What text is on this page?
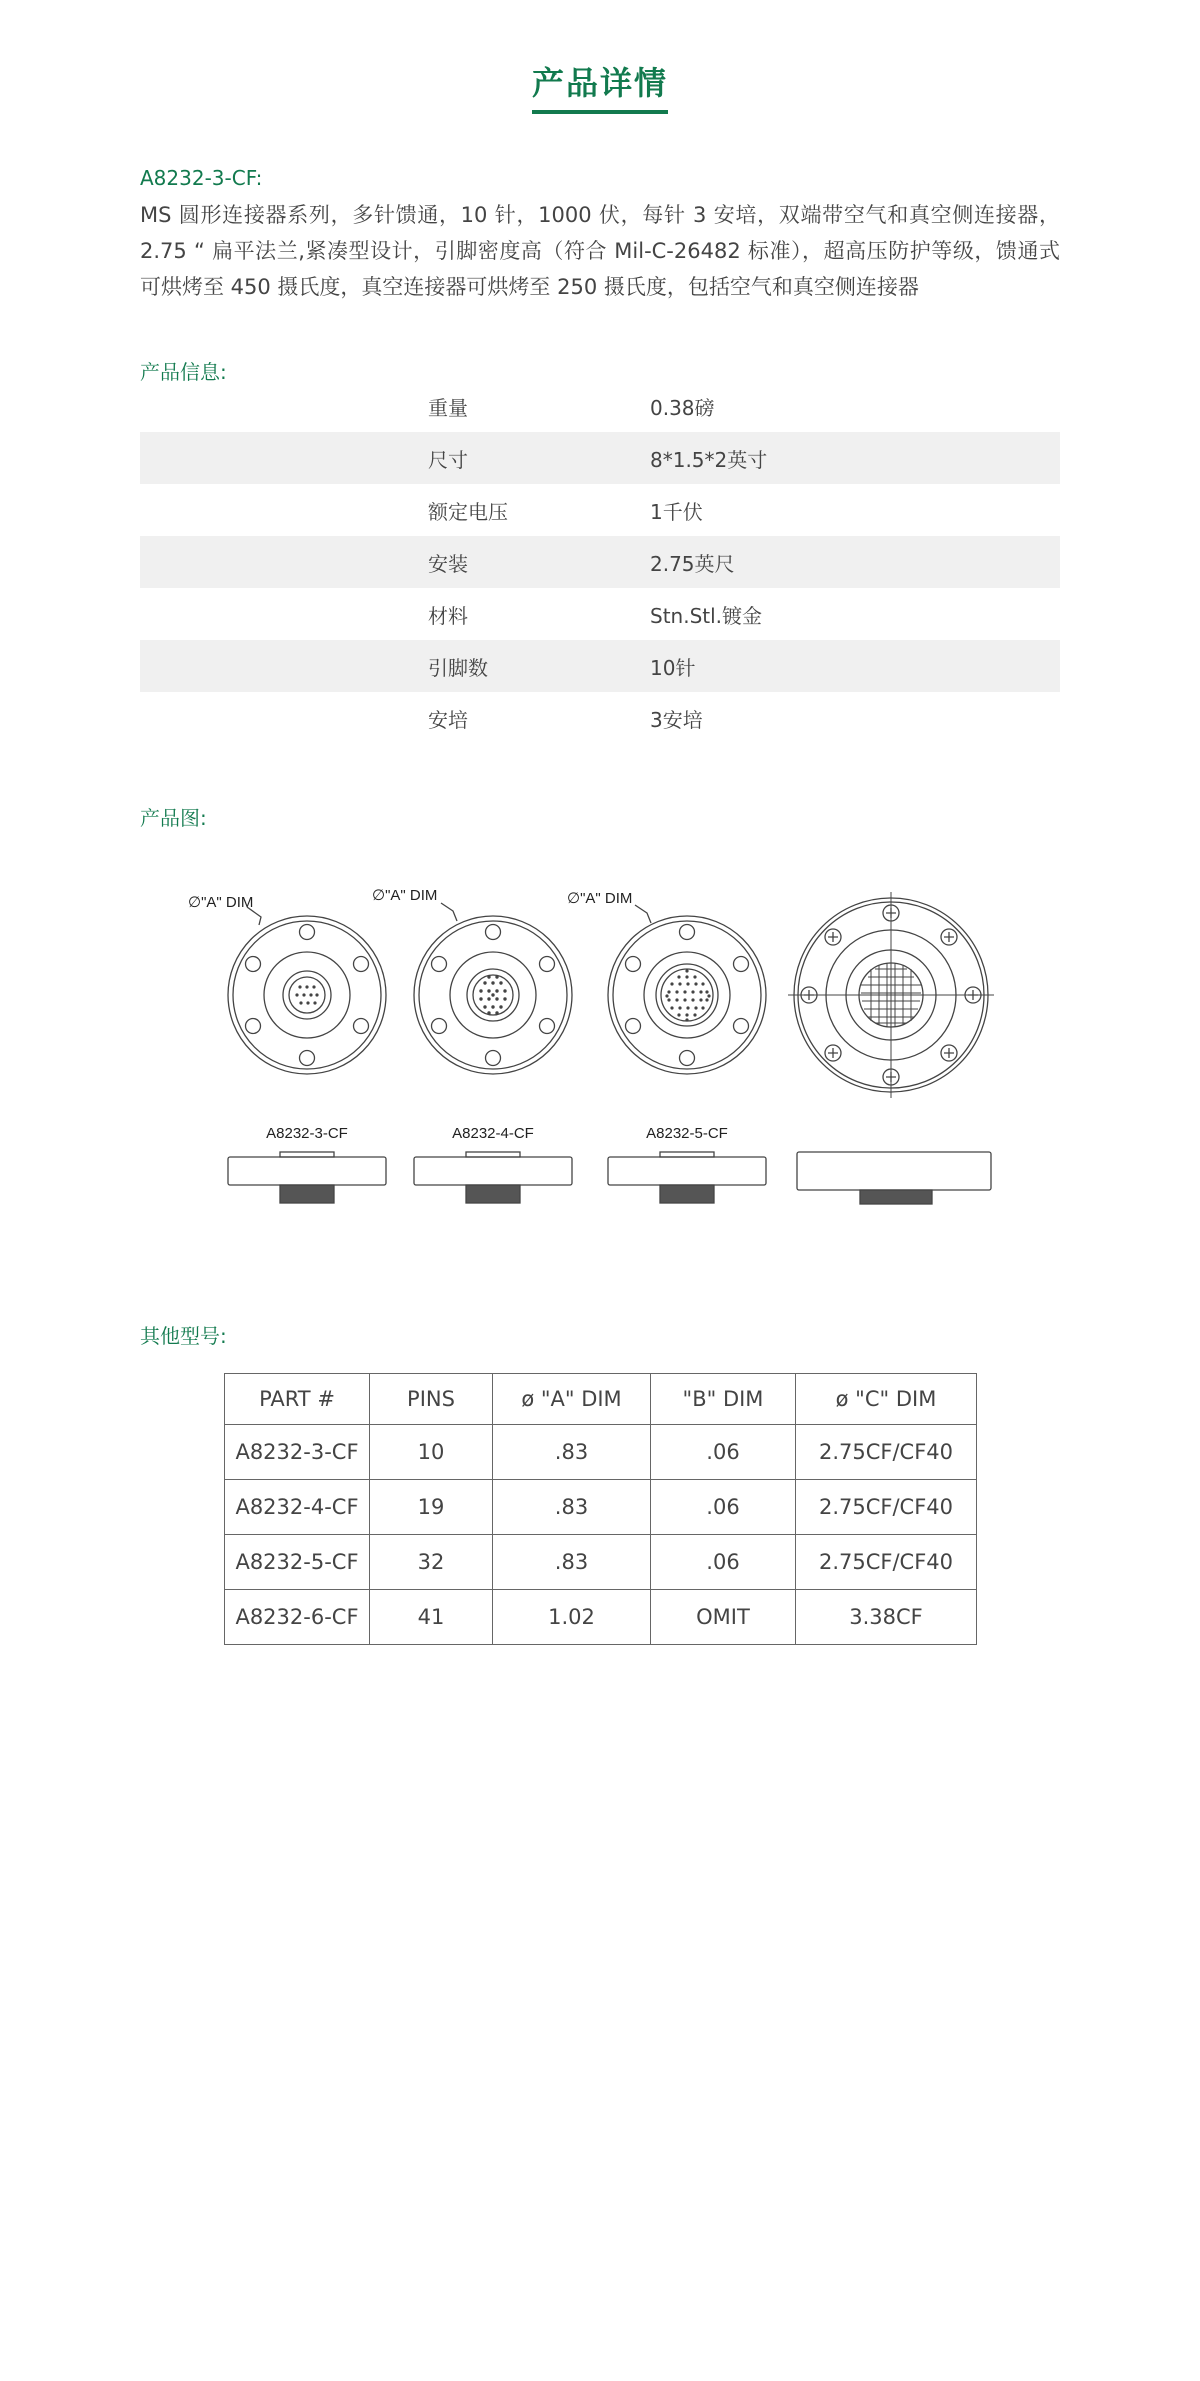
产品详情
A8232-3-CF:
MS 圆形连接器系列，多针馈通，10 针，1000 伏，每针 3 安培，双端带空气和真空侧连接器，2.75 “ 扁平法兰,紧凑型设计，引脚密度高（符合 Mil-C-26482 标准），超高压防护等级，馈通式可烘烤至 450 摄氏度，真空连接器可烘烤至 250 摄氏度，包括空气和真空侧连接器
产品信息:
重量	0.38磅
尺寸	8*1.5*2英寸
额定电压	1千伏
安装	2.75英尺
材料	Stn.Stl.镀金
引脚数	10针
安培	3安培
产品图:
∅"A" DIM	∅"A" DIM	∅"A" DIM
A8232-3-CF	A8232-4-CF	A8232-5-CF
其他型号:
PART #	PINS	ø "A" DIM	"B" DIM	ø "C" DIM
A8232-3-CF	10	.83	.06	2.75CF/CF40
A8232-4-CF	19	.83	.06	2.75CF/CF40
A8232-5-CF	32	.83	.06	2.75CF/CF40
A8232-6-CF	41	1.02	OMIT	3.38CF
